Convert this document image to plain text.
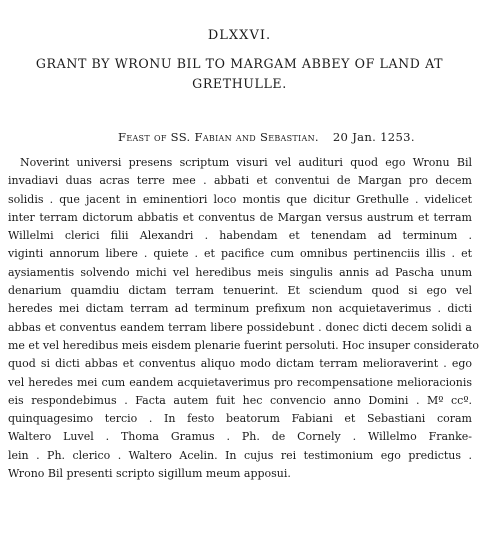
DLXXVI.
GRANT BY WRONU BIL TO MARGAM ABBEY OF LAND AT
GRETHULLE.
Feast of SS. Fabian and Sebastian. 20 Jan. 1253.

Noverint universi presens scriptum visuri vel audituri quod ego Wronu Bil
invadiavi duas acras terre mee . abbati et conventui de Margan pro decem
solidis . que jacent in eminentiori loco montis que dicitur Grethulle . videlicet
inter terram dictorum abbatis et conventus de Margan versus austrum et terram
Willelmi clerici filii Alexandri . habendam et tenendam ad terminum .
viginti annorum libere . quiete . et pacifice cum omnibus pertinenciis illis . et
aysiamentis solvendo michi vel heredibus meis singulis annis ad Pascha unum
denarium quamdiu dictam terram tenuerint. Et sciendum quod si ego vel
heredes mei dictam terram ad terminum prefixum non acquietaverimus . dicti
abbas et conventus eandem terram libere possidebunt . donec dicti decem solidi a
me et vel heredibus meis eisdem plenarie fuerint persoluti. Hoc insuper considerato
quod si dicti abbas et conventus aliquo modo dictam terram melioraverint . ego
vel heredes mei cum eandem acquietaverimus pro recompensatione melioracionis
eis respondebimus . Facta autem fuit hec convencio anno Domini . Mº ccº.
quinquagesimo tercio . In festo beatorum Fabiani et Sebastiani coram
Waltero Luvel . Thoma Gramus . Ph. de Cornely . Willelmo Franke-
lein . Ph. clerico . Waltero Acelin. In cujus rei testimonium ego predictus .
Wrono Bil presenti scripto sigillum meum apposui.
